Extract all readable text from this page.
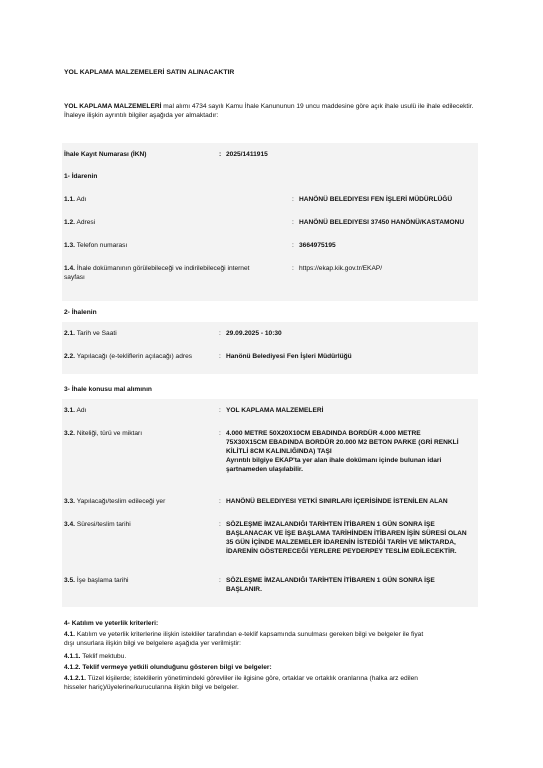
YOL KAPLAMA MALZEMELERİ SATIN ALINACAKTIR
YOL KAPLAMA MALZEMELERİ mal alımı 4734 sayılı Kamu İhale Kanununun 19 uncu maddesine göre açık ihale usulü ile ihale edilecektir.
İhaleye ilişkin ayrıntılı bilgiler aşağıda yer almaktadır:
İhale Kayıt Numarası (İKN)	: 2025/1411915
1- İdarenin
1.1. Adı	: HANÖNÜ BELEDIYESI FEN İŞLERİ MÜDÜRLÜĞÜ
1.2. Adresi	: HANÖNÜ BELEDIYESI 37450 HANÖNÜ/KASTAMONU
1.3. Telefon numarası	: 3664975195
1.4. İhale dokümanının görülebileceği ve indirilebileceği internet
sayfası
: https://ekap.kik.gov.tr/EKAP/
2- İhalenin
2.1. Tarih ve Saati	: 29.09.2025 - 10:30
2.2. Yapılacağı (e-tekliflerin açılacağı) adres	: Hanönü Belediyesi Fen İşleri Müdürlüğü
3- İhale konusu mal alımının
3.1. Adı	: YOL KAPLAMA MALZEMELERİ
3.2. Niteliği, türü ve miktarı	: 4.000 METRE 50X20X10CM EBADINDA BORDÜR 4.000 METRE
75X30X15CM EBADINDA BORDÜR 20.000 M2 BETON PARKE (GRİ RENKLİ
KİLİTLİ 8CM KALINLIĞINDA) TAŞI
Ayrıntılı bilgiye EKAP'ta yer alan ihale dokümanı içinde bulunan idari
şartnameden ulaşılabilir.
3.3. Yapılacağı/teslim edileceği yer	: HANÖNÜ BELEDIYESI YETKİ SINIRLARI İÇERİSİNDE İSTENİLEN ALAN
3.4. Süresi/teslim tarihi	: SÖZLEŞME İMZALANDIĞI TARİHTEN İTİBAREN 1 GÜN SONRA İŞE
BAŞLANACAK VE İŞE BAŞLAMA TARİHİNDEN İTİBAREN İŞİN SÜRESİ OLAN
35 GÜN İÇİNDE MALZEMELER İDARENİN İSTEDİĞİ TARİH VE MİKTARDA,
İDARENİN GÖSTERECEĞİ YERLERE PEYDERPEY TESLİM EDİLECEKTİR.
3.5. İşe başlama tarihi	: SÖZLEŞME İMZALANDIĞI TARİHTEN İTİBAREN 1 GÜN SONRA İŞE
BAŞLANIR.
4- Katılım ve yeterlik kriterleri:
4.1. Katılım ve yeterlik kriterlerine ilişkin istekliler tarafından e-teklif kapsamında sunulması gereken bilgi ve belgeler ile fiyat
dışı unsurlara ilişkin bilgi ve belgelere aşağıda yer verilmiştir:
4.1.1. Teklif mektubu.
4.1.2. Teklif vermeye yetkili olunduğunu gösteren bilgi ve belgeler:
4.1.2.1. Tüzel kişilerde; isteklilerin yönetimindeki görevliler ile ilgisine göre, ortaklar ve ortaklık oranlarına (halka arz edilen
hisseler hariç)/üyelerine/kurucularına ilişkin bilgi ve belgeler.
